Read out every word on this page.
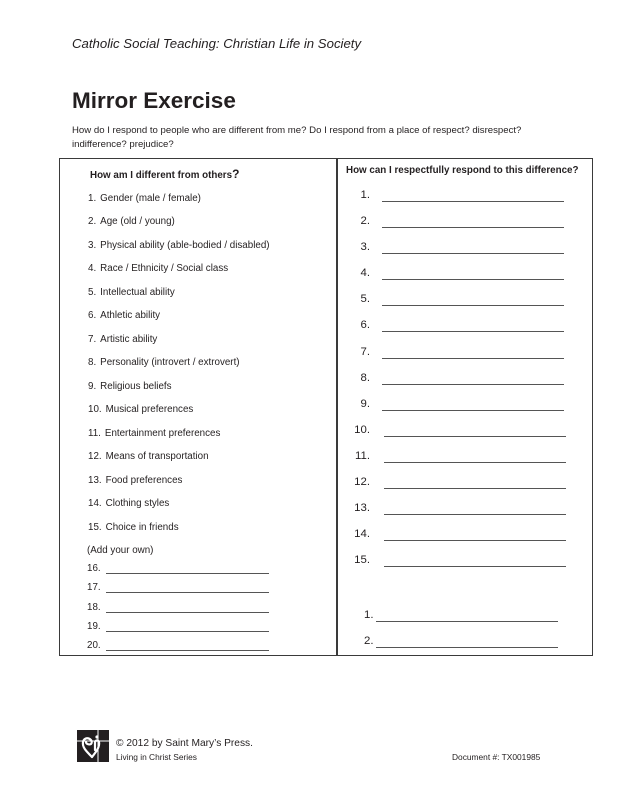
Catholic Social Teaching: Christian Life in Society
Mirror Exercise
How do I respond to people who are different from me? Do I respond from a place of respect? disrespect? indifference? prejudice?
How am I different from others?
1. Gender (male / female)
2. Age (old / young)
3. Physical ability (able-bodied / disabled)
4. Race / Ethnicity / Social class
5. Intellectual ability
6. Athletic ability
7. Artistic ability
8. Personality (introvert / extrovert)
9. Religious beliefs
10. Musical preferences
11. Entertainment preferences
12. Means of transportation
13. Food preferences
14. Clothing styles
15. Choice in friends
(Add your own)
16.
17.
18.
19.
20.
How can I respectfully respond to this difference?
1.
2.
3.
4.
5.
6.
7.
8.
9.
10.
11.
12.
13.
14.
15.
1.
2.
© 2012 by Saint Mary’s Press.
Living in Christ Series	Document #: TX001985
